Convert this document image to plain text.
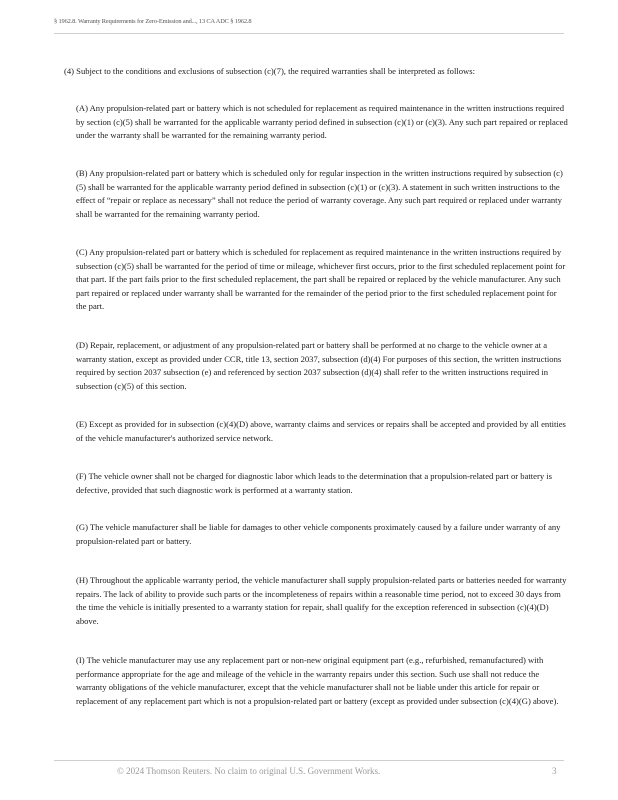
§ 1962.8. Warranty Requirements for Zero-Emission and..., 13 CA ADC § 1962.8

(4) Subject to the conditions and exclusions of subsection (c)(7), the required warranties shall be interpreted as follows:

(A) Any propulsion-related part or battery which is not scheduled for replacement as required maintenance in the written instructions required by section (c)(5) shall be warranted for the applicable warranty period defined in subsection (c)(1) or (c)(3). Any such part repaired or replaced under the warranty shall be warranted for the remaining warranty period.

(B) Any propulsion-related part or battery which is scheduled only for regular inspection in the written instructions required by subsection (c)(5) shall be warranted for the applicable warranty period defined in subsection (c)(1) or (c)(3). A statement in such written instructions to the effect of “repair or replace as necessary” shall not reduce the period of warranty coverage. Any such part required or replaced under warranty shall be warranted for the remaining warranty period.

(C) Any propulsion-related part or battery which is scheduled for replacement as required maintenance in the written instructions required by subsection (c)(5) shall be warranted for the period of time or mileage, whichever first occurs, prior to the first scheduled replacement point for that part. If the part fails prior to the first scheduled replacement, the part shall be repaired or replaced by the vehicle manufacturer. Any such part repaired or replaced under warranty shall be warranted for the remainder of the period prior to the first scheduled replacement point for the part.

(D) Repair, replacement, or adjustment of any propulsion-related part or battery shall be performed at no charge to the vehicle owner at a warranty station, except as provided under CCR, title 13, section 2037, subsection (d)(4) For purposes of this section, the written instructions required by section 2037 subsection (e) and referenced by section 2037 subsection (d)(4) shall refer to the written instructions required in subsection (c)(5) of this section.

(E) Except as provided for in subsection (c)(4)(D) above, warranty claims and services or repairs shall be accepted and provided by all entities of the vehicle manufacturer's authorized service network.

(F) The vehicle owner shall not be charged for diagnostic labor which leads to the determination that a propulsion-related part or battery is defective, provided that such diagnostic work is performed at a warranty station.

(G) The vehicle manufacturer shall be liable for damages to other vehicle components proximately caused by a failure under warranty of any propulsion-related part or battery.

(H) Throughout the applicable warranty period, the vehicle manufacturer shall supply propulsion-related parts or batteries needed for warranty repairs. The lack of ability to provide such parts or the incompleteness of repairs within a reasonable time period, not to exceed 30 days from the time the vehicle is initially presented to a warranty station for repair, shall qualify for the exception referenced in subsection (c)(4)(D) above.

(I) The vehicle manufacturer may use any replacement part or non-new original equipment part (e.g., refurbished, remanufactured) with performance appropriate for the age and mileage of the vehicle in the warranty repairs under this section. Such use shall not reduce the warranty obligations of the vehicle manufacturer, except that the vehicle manufacturer shall not be liable under this article for repair or replacement of any replacement part which is not a propulsion-related part or battery (except as provided under subsection (c)(4)(G) above).

© 2024 Thomson Reuters. No claim to original U.S. Government Works.	3
